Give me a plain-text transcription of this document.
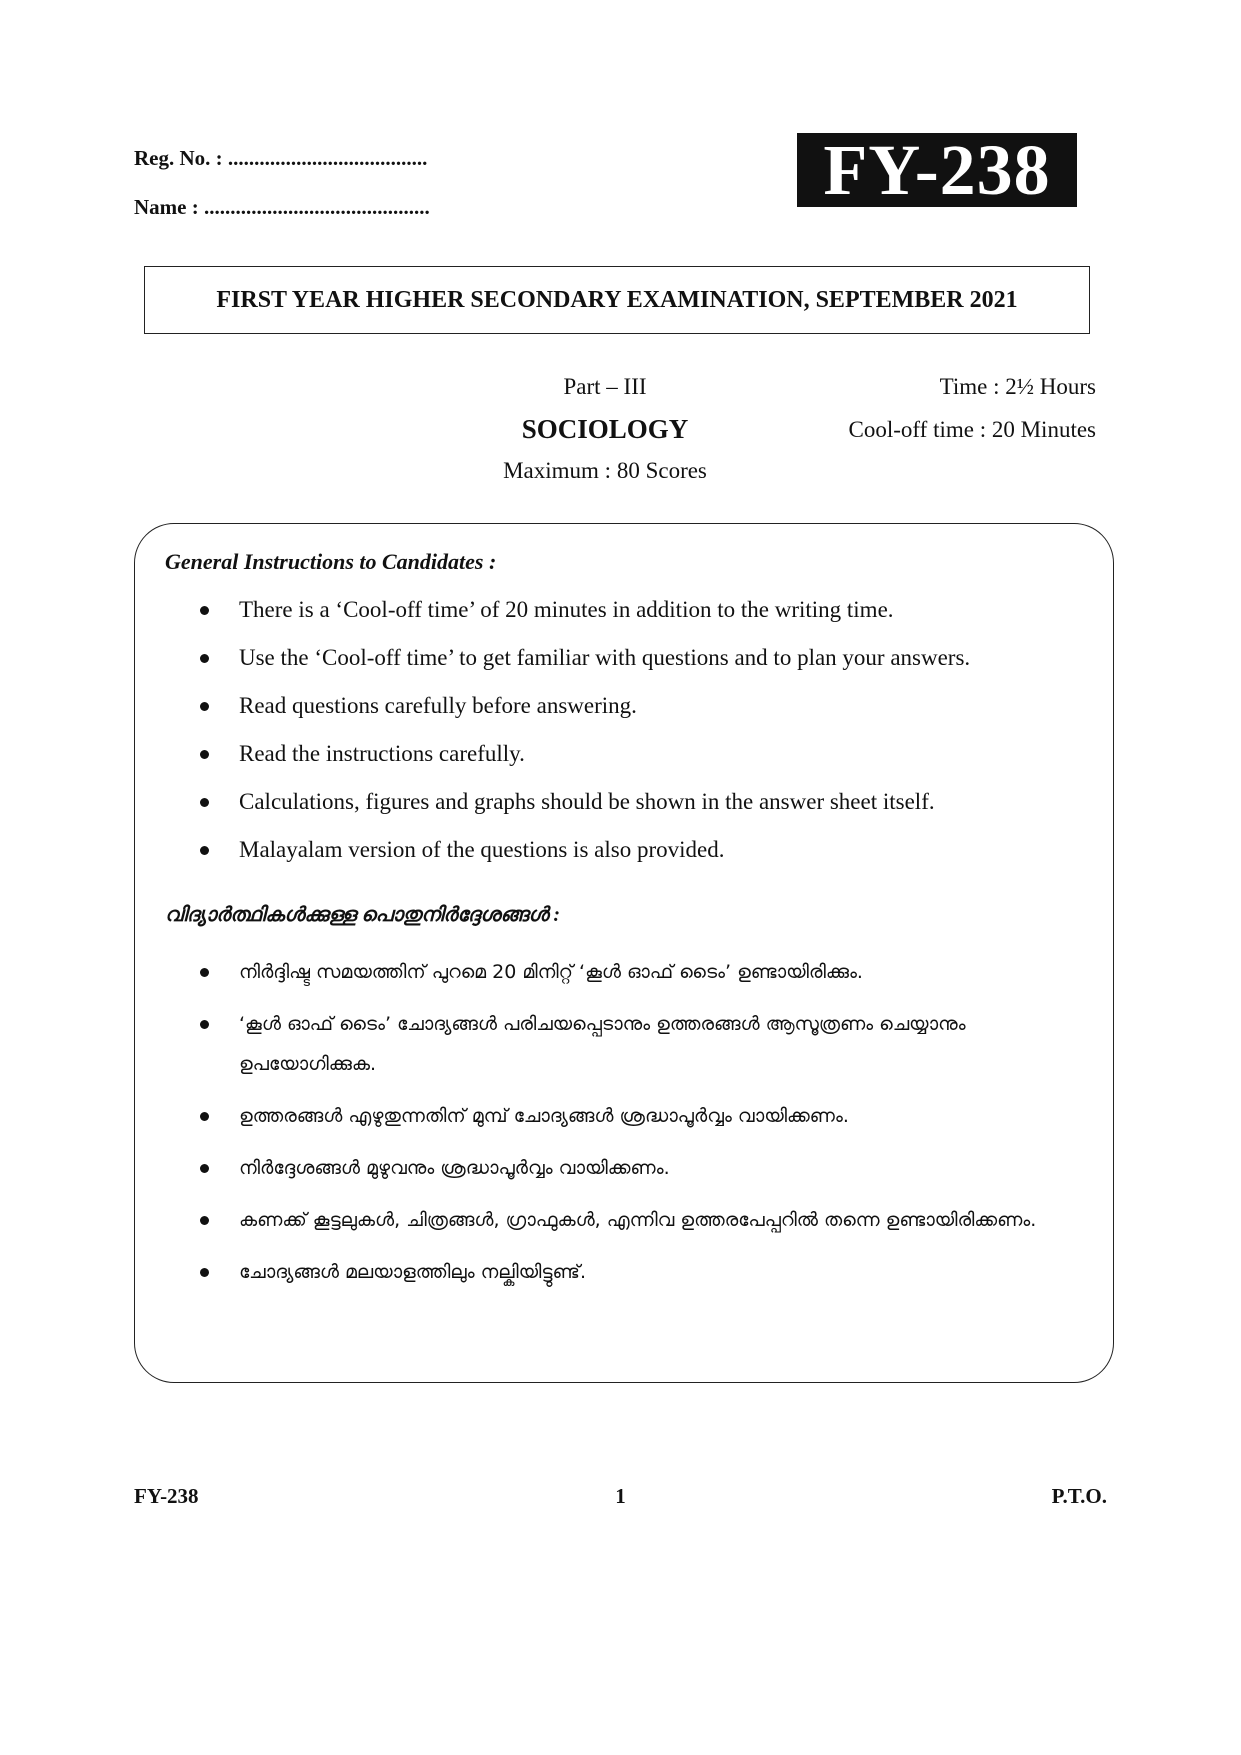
Reg. No. : ......................................
Name : ...........................................	FY-238
FIRST YEAR HIGHER SECONDARY EXAMINATION, SEPTEMBER 2021
Part – III
SOCIOLOGY
Maximum : 80 Scores
Time : 2½ Hours
Cool-off time : 20 Minutes
General Instructions to Candidates :
There is a ‘Cool-off time’ of 20 minutes in addition to the writing time.
Use the ‘Cool-off time’ to get familiar with questions and to plan your answers.
Read questions carefully before answering.
Read the instructions carefully.
Calculations, figures and graphs should be shown in the answer sheet itself.
Malayalam version of the questions is also provided.
വിദ്യാർത്ഥികൾക്കുള്ള പൊതുനിർദ്ദേശങ്ങൾ :
നിർദ്ദിഷ്ട സമയത്തിന് പുറമെ 20 മിനിറ്റ് ‘കൂൾ ഓഫ് ടൈം’ ഉണ്ടായിരിക്കും.
‘കൂൾ ഓഫ് ടൈം’ ചോദ്യങ്ങൾ പരിചയപ്പെടാനും ഉത്തരങ്ങൾ ആസൂത്രണം ചെയ്യാനും ഉപയോഗിക്കുക.
ഉത്തരങ്ങൾ എഴുതുന്നതിന് മുമ്പ് ചോദ്യങ്ങൾ ശ്രദ്ധാപൂർവ്വം വായിക്കണം.
നിർദ്ദേശങ്ങൾ മുഴുവനും ശ്രദ്ധാപൂർവ്വം വായിക്കണം.
കണക്ക് കൂട്ടലുകൾ, ചിത്രങ്ങൾ, ഗ്രാഫുകൾ, എന്നിവ ഉത്തരപേപ്പറിൽ തന്നെ ഉണ്ടായിരിക്കണം.
ചോദ്യങ്ങൾ മലയാളത്തിലും നല്കിയിട്ടുണ്ട്.
FY-238	1	P.T.O.
